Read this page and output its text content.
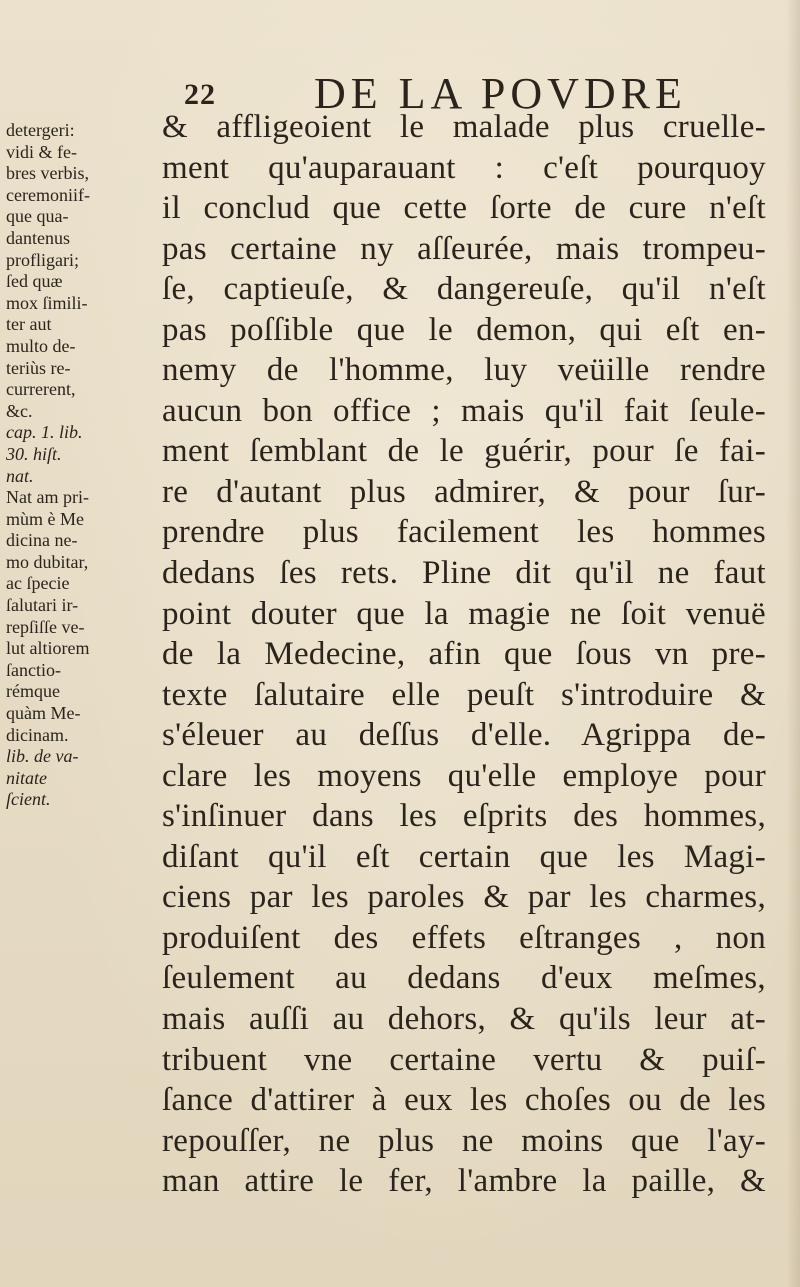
22 DE LA POVDRE
detergeri:
vidi & fe-
bres verbis,
ceremoniif-
que qua-
dantenus
profligari;
ſed quæ
mox ſimili-
ter aut
multo de-
teriùs re-
currerent,
&c.
cap. 1. lib.
30. hiſt.
nat.
Nat am pri-
mùm è Me
dicina ne-
mo dubitar,
ac ſpecie
ſalutari ir-
repſiſſe ve-
lut altiorem
ſanctio-
rémque
quàm Me-
dicinam.
lib. de va-
nitate
ſcient.
& affligeoient le malade plus cruelle-
ment qu'auparauant : c'eſt pourquoy
il conclud que cette ſorte de cure n'eſt
pas certaine ny aſſeurée, mais trompeu-
ſe, captieuſe, & dangereuſe, qu'il n'eſt
pas poſſible que le demon, qui eſt en-
nemy de l'homme, luy veüille rendre
aucun bon office ; mais qu'il fait ſeule-
ment ſemblant de le guérir, pour ſe fai-
re d'autant plus admirer, & pour ſur-
prendre plus facilement les hommes
dedans ſes rets. Pline dit qu'il ne faut
point douter que la magie ne ſoit venuë
de la Medecine, afin que ſous vn pre-
texte ſalutaire elle peuſt s'introduire &
s'éleuer au deſſus d'elle. Agrippa de-
clare les moyens qu'elle employe pour
s'inſinuer dans les eſprits des hommes,
diſant qu'il eſt certain que les Magi-
ciens par les paroles & par les charmes,
produiſent des effets eſtranges , non
ſeulement au dedans d'eux meſmes,
mais auſſi au dehors, & qu'ils leur at-
tribuent vne certaine vertu & puiſ-
ſance d'attirer à eux les choſes ou de les
repouſſer, ne plus ne moins que l'ay-
man attire le fer, l'ambre la paille, &
